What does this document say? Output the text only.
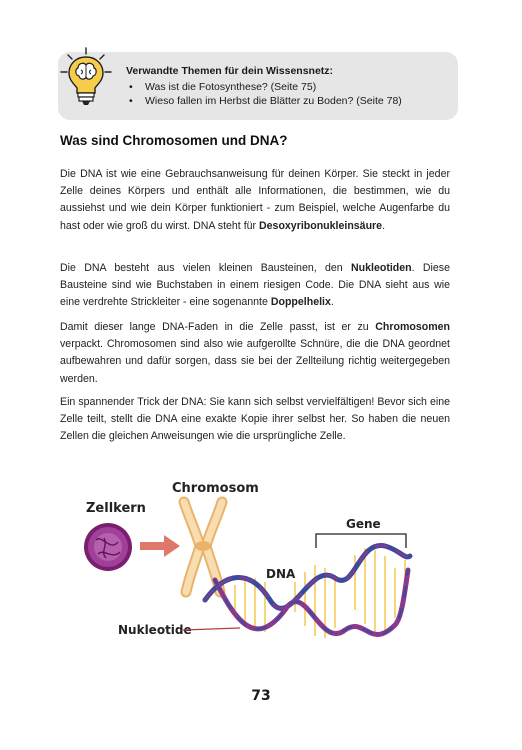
Verwandte Themen für dein Wissensnetz:
• Was ist die Fotosynthese? (Seite 75)
• Wieso fallen im Herbst die Blätter zu Boden? (Seite 78)
Was sind Chromosomen und DNA?

Die DNA ist wie eine Gebrauchsanweisung für deinen Körper. Sie steckt in jeder Zelle deines Körpers und enthält alle Informationen, die bestimmen, wie du aussiehst und wie dein Körper funktioniert - zum Beispiel, welche Augenfarbe du hast oder wie groß du wirst. DNA steht für Desoxyribonukleinsäure.

Die DNA besteht aus vielen kleinen Bausteinen, den Nukleotiden. Diese Bausteine sind wie Buchstaben in einem riesigen Code. Die DNA sieht aus wie eine verdrehte Strickleiter - eine sogenannte Doppelhelix.

Damit dieser lange DNA-Faden in die Zelle passt, ist er zu Chromosomen verpackt. Chromosomen sind also wie aufgerollte Schnüre, die die DNA geordnet aufbewahren und dafür sorgen, dass sie bei der Zellteilung richtig weitergegeben werden.

Ein spannender Trick der DNA: Sie kann sich selbst vervielfältigen! Bevor sich eine Zelle teilt, stellt die DNA eine exakte Kopie ihrer selbst her. So haben die neuen Zellen die gleichen Anweisungen wie die ursprüngliche Zelle.

Zellkern
Chromosom
DNA
Gene
Nukleotide
73
